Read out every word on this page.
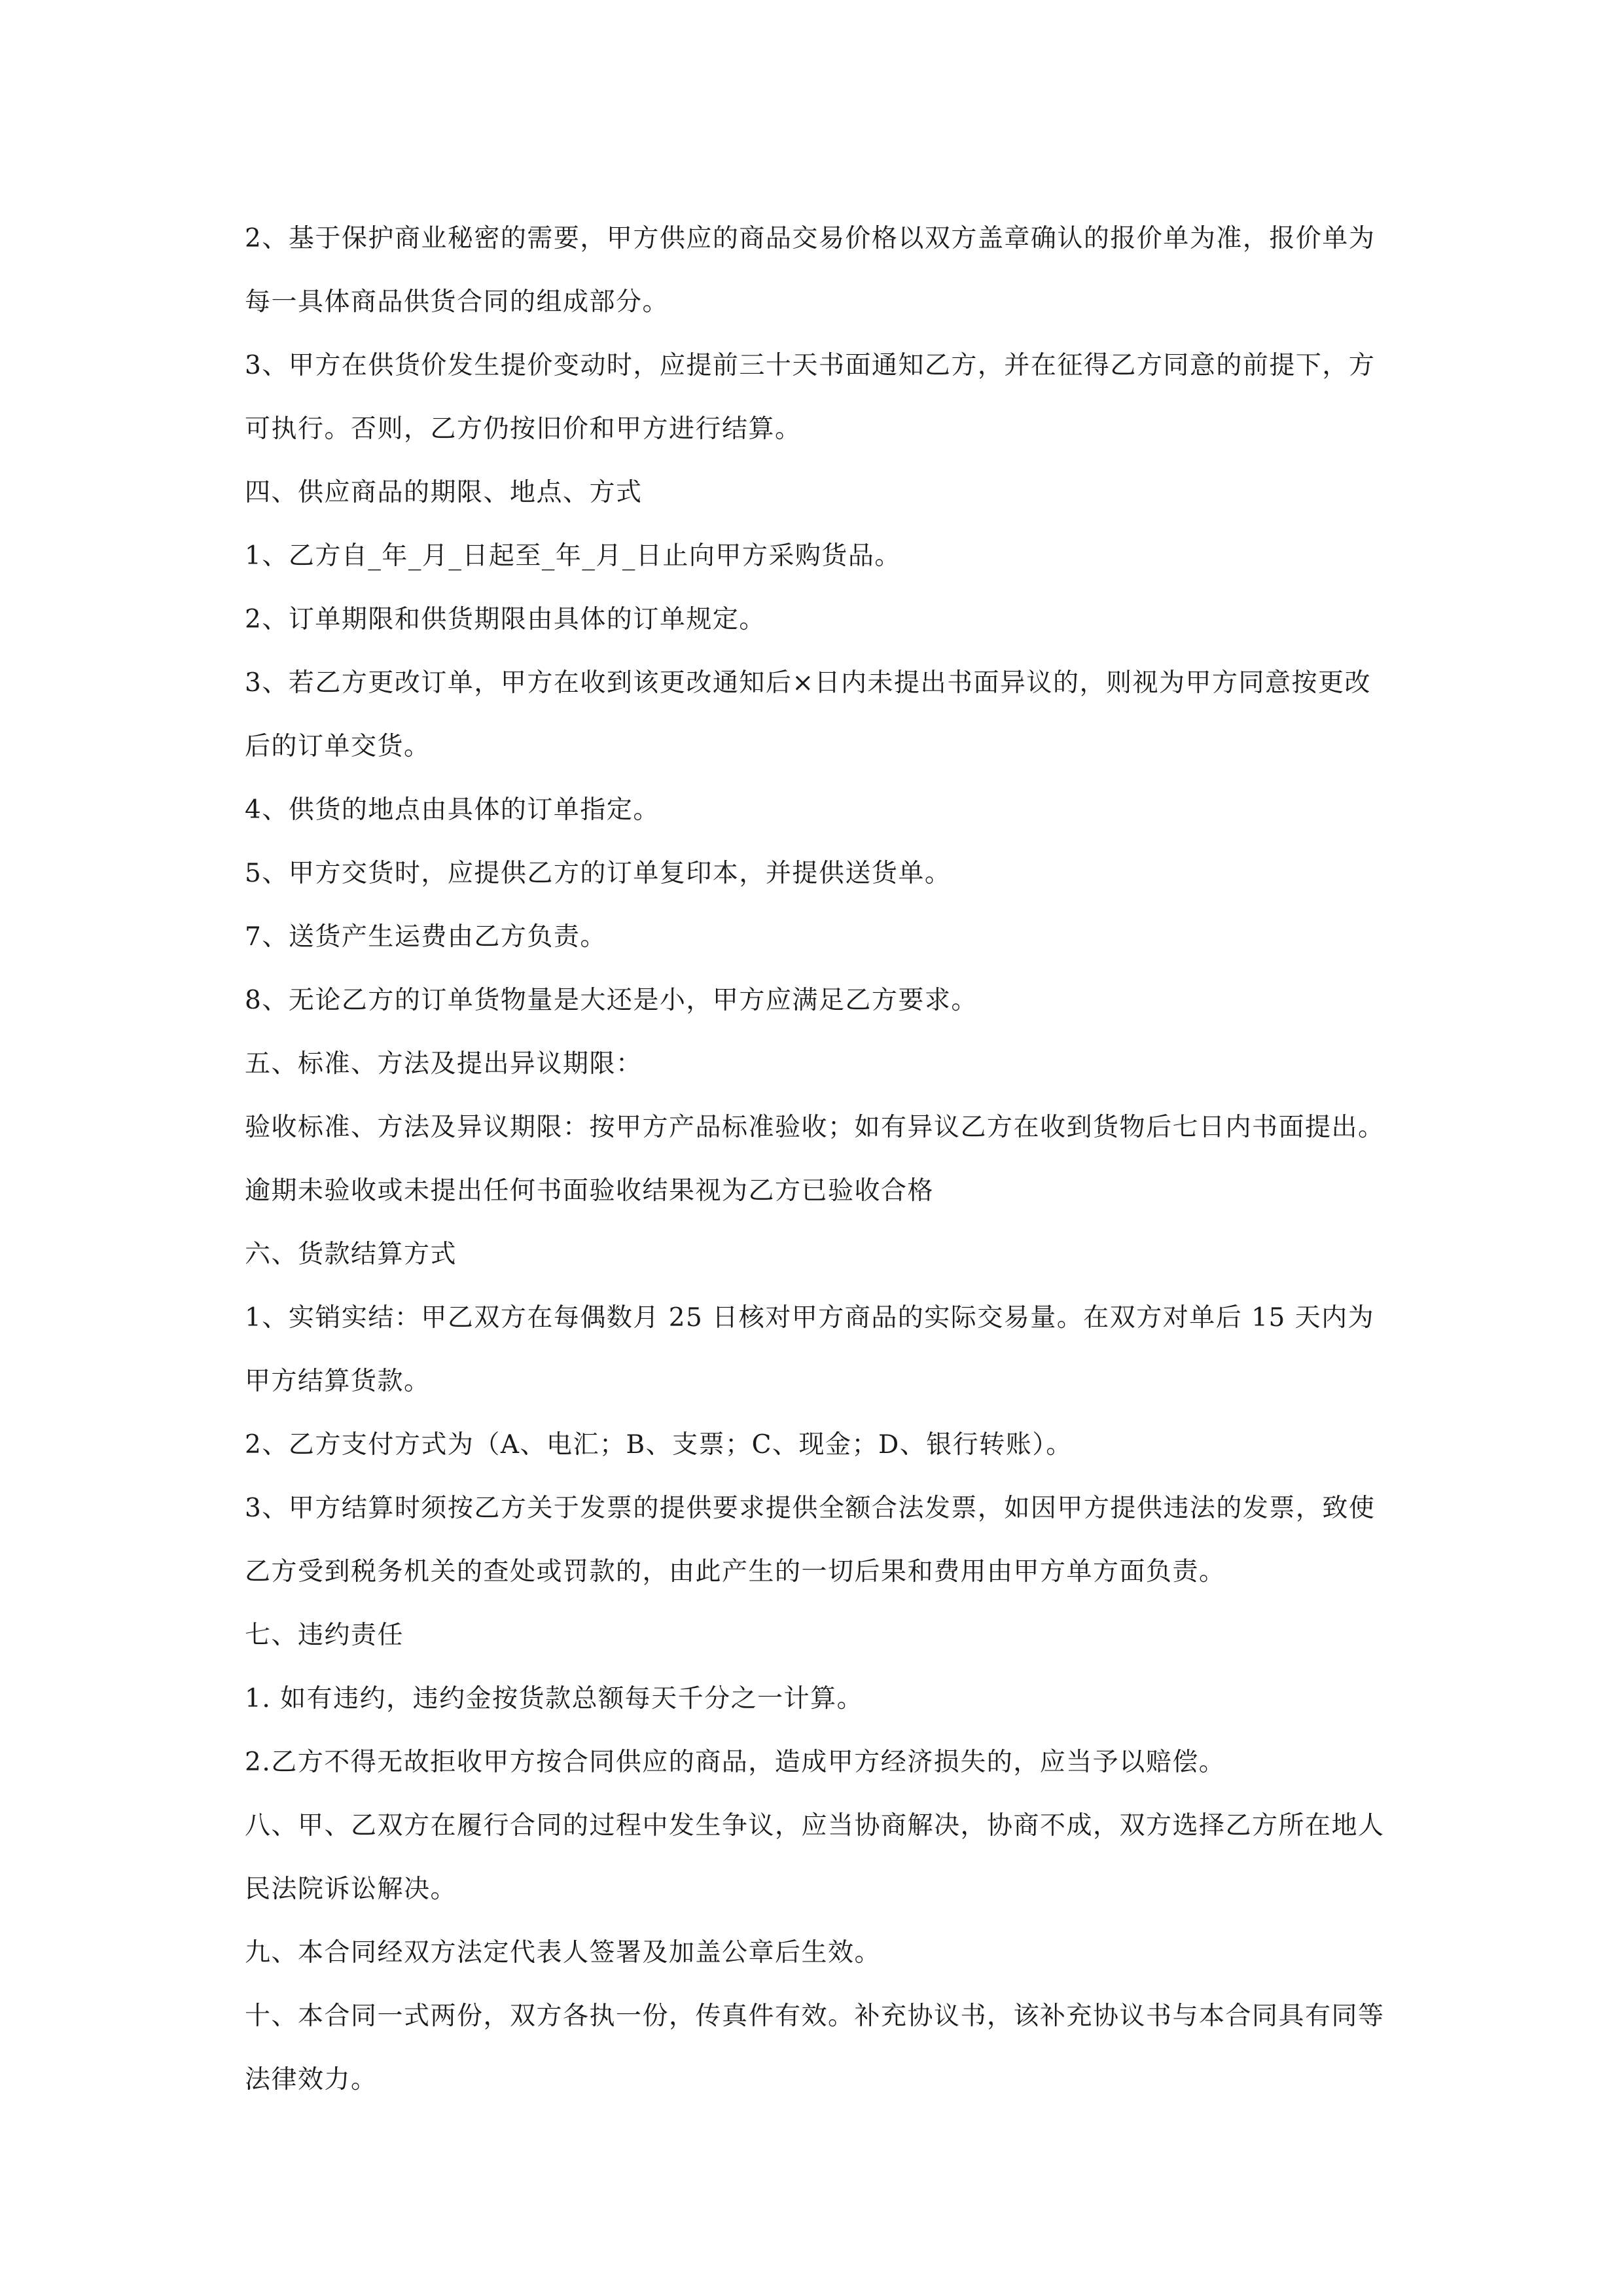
2、基于保护商业秘密的需要，甲方供应的商品交易价格以双方盖章确认的报价单为准，报价单为每一具体商品供货合同的组成部分。

3、甲方在供货价发生提价变动时，应提前三十天书面通知乙方，并在征得乙方同意的前提下，方可执行。否则，乙方仍按旧价和甲方进行结算。

四、供应商品的期限、地点、方式

1、乙方自_年_月_日起至_年_月_日止向甲方采购货品。

2、订单期限和供货期限由具体的订单规定。

3、若乙方更改订单，甲方在收到该更改通知后×日内未提出书面异议的，则视为甲方同意按更改后的订单交货。

4、供货的地点由具体的订单指定。

5、甲方交货时，应提供乙方的订单复印本，并提供送货单。

7、送货产生运费由乙方负责。

8、无论乙方的订单货物量是大还是小，甲方应满足乙方要求。

五、标准、方法及提出异议期限：

验收标准、方法及异议期限：按甲方产品标准验收；如有异议乙方在收到货物后七日内书面提出。逾期未验收或未提出任何书面验收结果视为乙方已验收合格

六、货款结算方式

1、实销实结：甲乙双方在每偶数月 25 日核对甲方商品的实际交易量。在双方对单后 15 天内为甲方结算货款。

2、乙方支付方式为（A、电汇；B、支票；C、现金；D、银行转账）。

3、甲方结算时须按乙方关于发票的提供要求提供全额合法发票，如因甲方提供违法的发票，致使乙方受到税务机关的查处或罚款的，由此产生的一切后果和费用由甲方单方面负责。

七、违约责任

1. 如有违约，违约金按货款总额每天千分之一计算。

2.乙方不得无故拒收甲方按合同供应的商品，造成甲方经济损失的，应当予以赔偿。

八、甲、乙双方在履行合同的过程中发生争议，应当协商解决，协商不成，双方选择乙方所在地人民法院诉讼解决。

九、本合同经双方法定代表人签署及加盖公章后生效。

十、本合同一式两份，双方各执一份，传真件有效。补充协议书，该补充协议书与本合同具有同等法律效力。
